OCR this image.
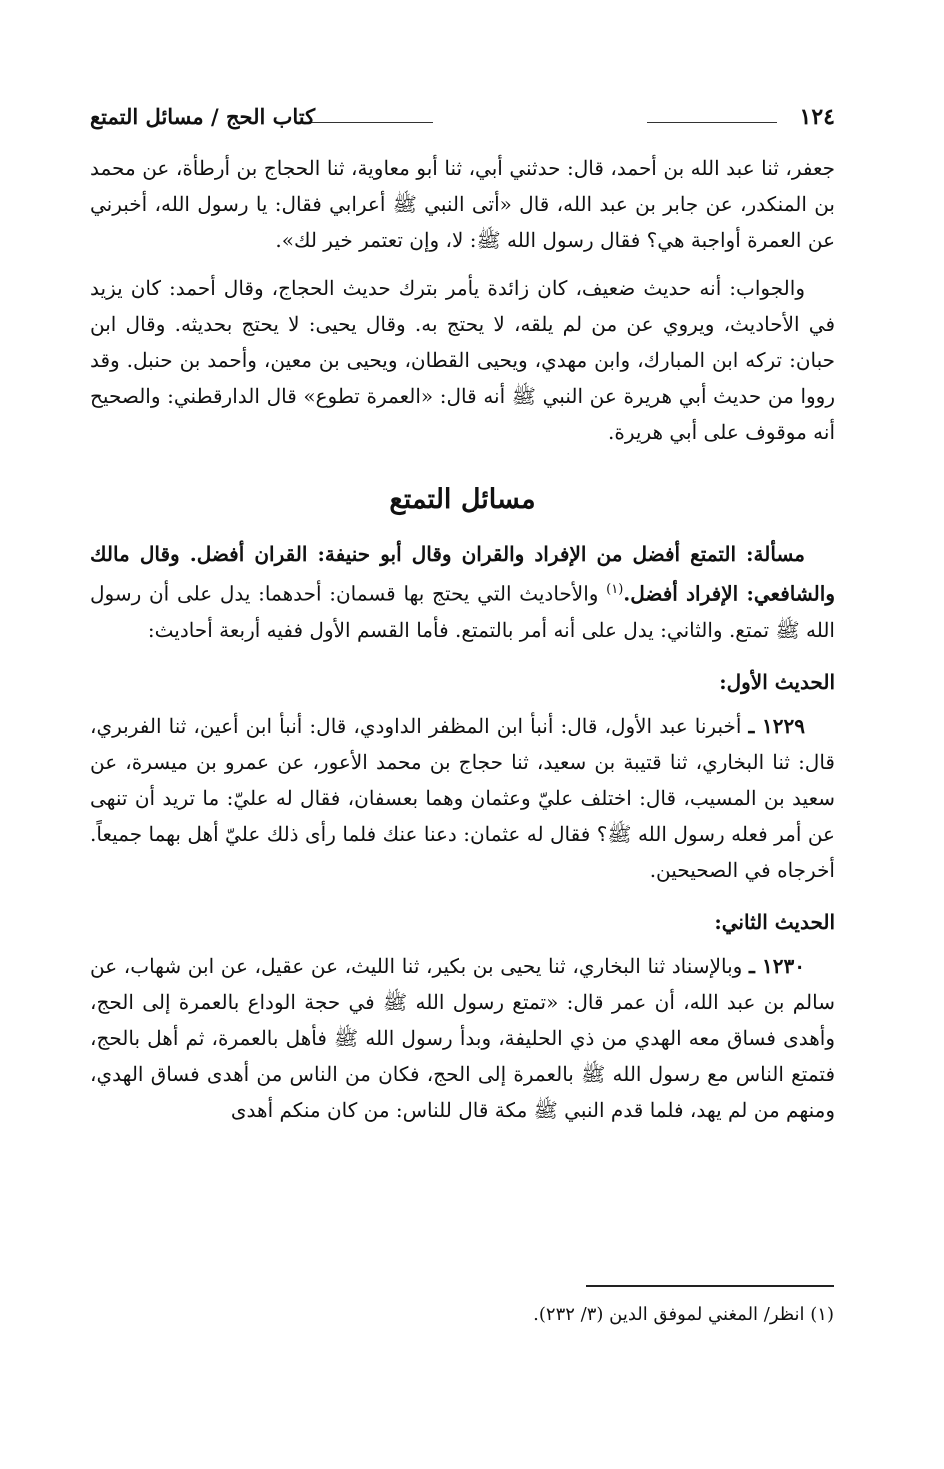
١٢٤
كتاب الحج / مسائل التمتع

جعفر، ثنا عبد الله بن أحمد، قال: حدثني أبي، ثنا أبو معاوية، ثنا الحجاج بن أرطأة، عن محمد بن المنكدر، عن جابر بن عبد الله، قال «أتى النبي ﷺ أعرابي فقال: يا رسول الله، أخبرني عن العمرة أواجبة هي؟ فقال رسول الله ﷺ: لا، وإن تعتمر خير لك».

والجواب: أنه حديث ضعيف، كان زائدة يأمر بترك حديث الحجاج، وقال أحمد: كان يزيد في الأحاديث، ويروي عن من لم يلقه، لا يحتج به. وقال يحيى: لا يحتج بحديثه. وقال ابن حبان: تركه ابن المبارك، وابن مهدي، ويحيى القطان، ويحيى بن معين، وأحمد بن حنبل. وقد رووا من حديث أبي هريرة عن النبي ﷺ أنه قال: «العمرة تطوع» قال الدارقطني: والصحيح أنه موقوف على أبي هريرة.

مسائل التمتع

مسألة: التمتع أفضل من الإفراد والقران وقال أبو حنيفة: القران أفضل. وقال مالك والشافعي: الإفراد أفضل.$^{(١)}$ والأحاديث التي يحتج بها قسمان: أحدهما: يدل على أن رسول الله ﷺ تمتع. والثاني: يدل على أنه أمر بالتمتع. فأما القسم الأول ففيه أربعة أحاديث:

الحديث الأول:

١٢٢٩ ـ أخبرنا عبد الأول، قال: أنبأ ابن المظفر الداودي، قال: أنبأ ابن أعين، ثنا الفربري، قال: ثنا البخاري، ثنا قتيبة بن سعيد، ثنا حجاج بن محمد الأعور، عن عمرو بن ميسرة، عن سعيد بن المسيب، قال: اختلف عليّ وعثمان وهما بعسفان، فقال له عليّ: ما تريد أن تنهى عن أمر فعله رسول الله ﷺ؟ فقال له عثمان: دعنا عنك فلما رأى ذلك عليّ أهل بهما جميعاً. أخرجاه في الصحيحين.

الحديث الثاني:

١٢٣٠ ـ وبالإسناد ثنا البخاري، ثنا يحيى بن بكير، ثنا الليث، عن عقيل، عن ابن شهاب، عن سالم بن عبد الله، أن عمر قال: «تمتع رسول الله ﷺ في حجة الوداع بالعمرة إلى الحج، وأهدى فساق معه الهدي من ذي الحليفة، وبدأ رسول الله ﷺ فأهل بالعمرة، ثم أهل بالحج، فتمتع الناس مع رسول الله ﷺ بالعمرة إلى الحج، فكان من الناس من أهدى فساق الهدي، ومنهم من لم يهد، فلما قدم النبي ﷺ مكة قال للناس: من كان منكم أهدى

(١) انظر/ المغني لموفق الدين (٣/ ٢٣٢).
